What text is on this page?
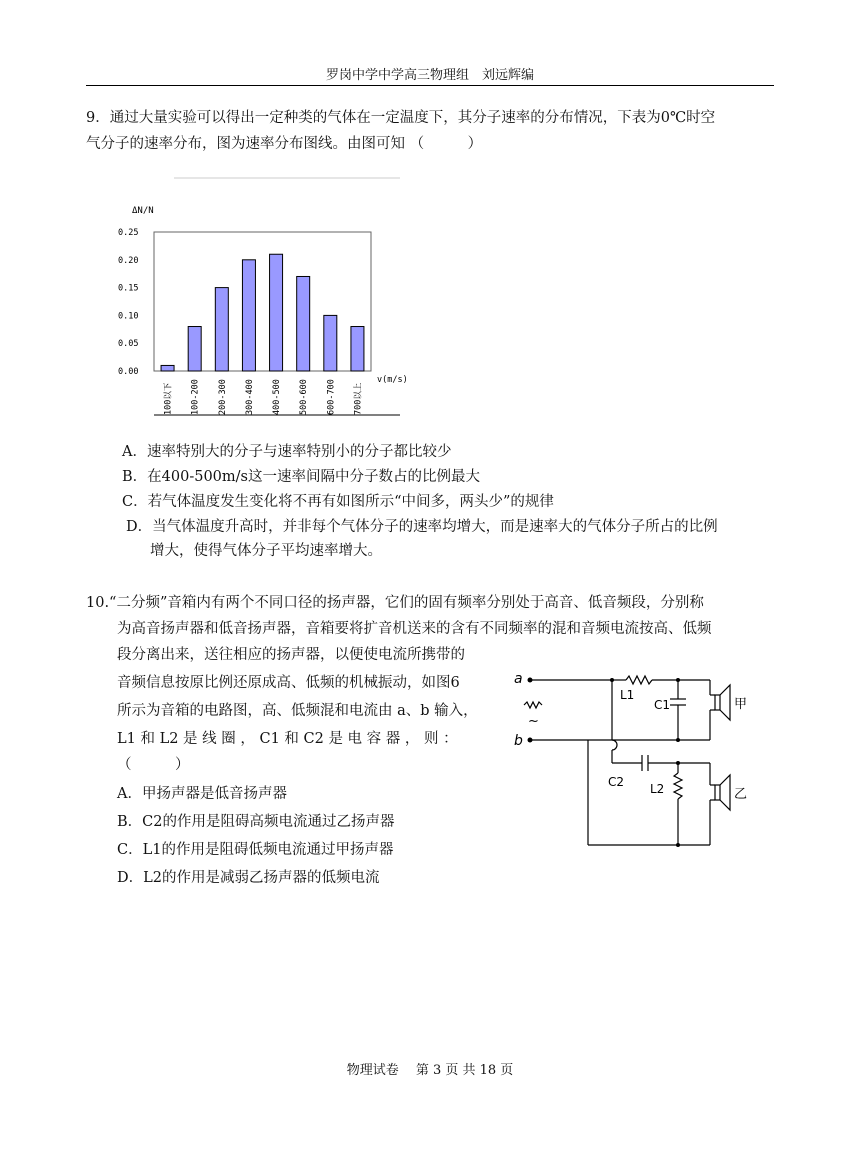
罗岗中学中学高三物理组　刘远辉编
9．通过大量实验可以得出一定种类的气体在一定温度下，其分子速率的分布情况，下表为0℃时空
气分子的速率分布，图为速率分布图线。由图可知 （　　　）
ΔN/N
0.25
0.20
0.15
0.10
0.05
0.00
100以下 100-200 200-300 300-400 400-500 500-600 600-700 700以上
v(m/s)
A．速率特别大的分子与速率特别小的分子都比较少
B．在400-500m/s这一速率间隔中分子数占的比例最大
C．若气体温度发生变化将不再有如图所示“中间多，两头少”的规律
D．当气体温度升高时，并非每个气体分子的速率均增大，而是速率大的气体分子所占的比例
增大，使得气体分子平均速率增大。
10.“二分频”音箱内有两个不同口径的扬声器，它们的固有频率分别处于高音、低音频段，分别称
为高音扬声器和低音扬声器，音箱要将扩音机送来的含有不同频率的混和音频电流按高、低频
段分离出来，送往相应的扬声器，以便使电流所携带的
音频信息按原比例还原成高、低频的机械振动，如图6
所示为音箱的电路图，高、低频混和电流由 a、b 输入，
L1 和 L2 是 线 圈 ， C1 和 C2 是 电 容 器 ， 则 ：
（　　　）
A．甲扬声器是低音扬声器
B．C2的作用是阻碍高频电流通过乙扬声器
C．L1的作用是阻碍低频电流通过甲扬声器
D．L2的作用是减弱乙扬声器的低频电流
a
b
~
L1
C1
C2 L2
甲
乙
物理试卷　 第 3 页 共 18 页
